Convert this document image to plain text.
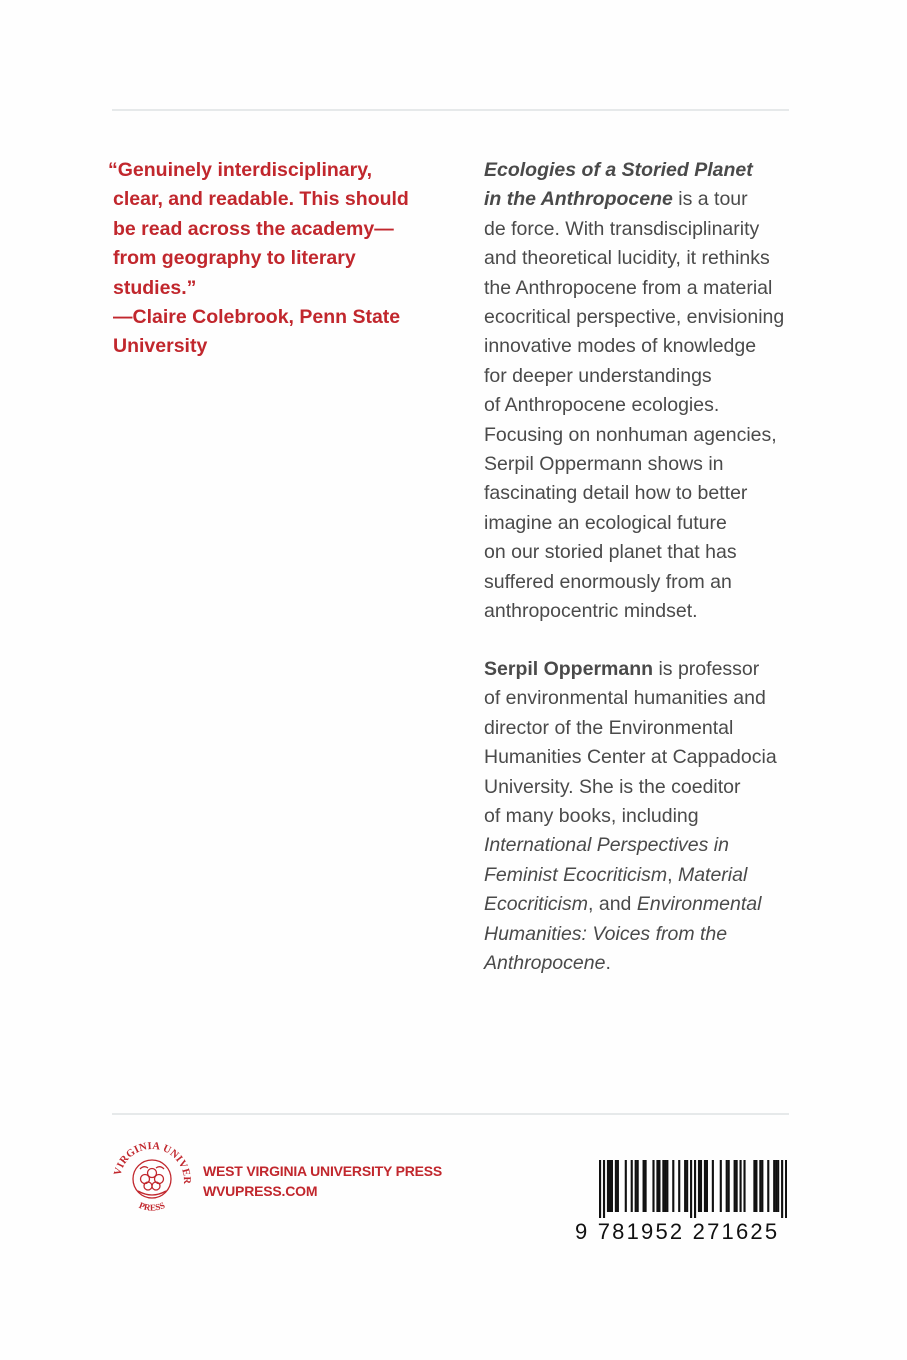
“Genuinely interdisciplinary,
clear, and readable. This should
be read across the academy—
from geography to literary
studies.”
—Claire Colebrook, Penn State
University
Ecologies of a Storied Planet
in the Anthropocene is a tour
de force. With transdisciplinarity
and theoretical lucidity, it rethinks
the Anthropocene from a material
ecocritical perspective, envisioning
innovative modes of knowledge
for deeper understandings
of Anthropocene ecologies.
Focusing on nonhuman agencies,
Serpil Oppermann shows in
fascinating detail how to better
imagine an ecological future
on our storied planet that has
suffered enormously from an
anthropocentric mindset.
Serpil Oppermann is professor
of environmental humanities and
director of the Environmental
Humanities Center at Cappadocia
University. She is the coeditor
of many books, including
International Perspectives in
Feminist Ecocriticism, Material
Ecocriticism, and Environmental
Humanities: Voices from the
Anthropocene.
VIRGINIA UNIVER
PRESS
WEST VIRGINIA UNIVERSITY PRESS
WVUPRESS.COM
9 781952 271625
